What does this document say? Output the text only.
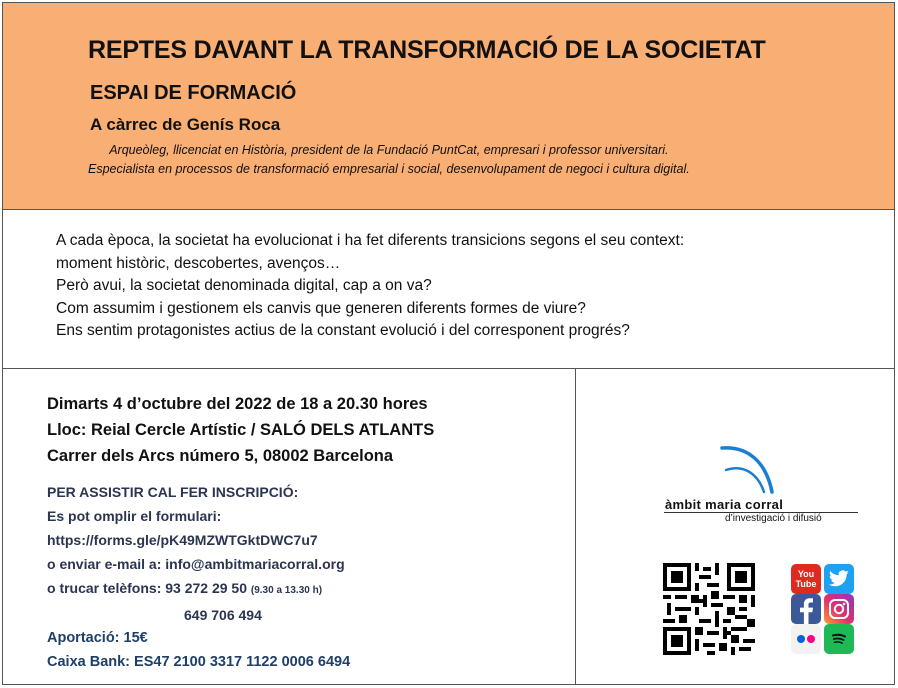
REPTES DAVANT LA TRANSFORMACIÓ DE LA SOCIETAT
ESPAI DE FORMACIÓ
A càrrec de Genís Roca
Arqueòleg, llicenciat en Història, president de la Fundació PuntCat, empresari i professor universitari.
Especialista en processos de transformació empresarial i social, desenvolupament de negoci i cultura digital.
A cada època, la societat ha evolucionat i ha fet diferents transicions segons el seu context:
moment històric, descobertes, avenços…
Però avui, la societat denominada digital, cap a on va?
Com assumim i gestionem els canvis que generen diferents formes de viure?
Ens sentim protagonistes actius de la constant evolució i del corresponent progrés?
Dimarts 4 d’octubre del 2022 de 18 a 20.30 hores
Lloc: Reial Cercle Artístic / SALÓ DELS ATLANTS
Carrer dels Arcs número 5, 08002 Barcelona
PER ASSISTIR CAL FER INSCRIPCIÓ:
Es pot omplir el formulari:
https://forms.gle/pK49MZWTGktDWC7u7
o enviar e-mail a: info@ambitmariacorral.org
o trucar telèfons: 93 272 29 50 (9.30 a 13.30 h)
649 706 494
Aportació: 15€
Caixa Bank: ES47 2100 3317 1122 0006 6494
àmbit maria corral
d’investigació i difusió
You
Tube
